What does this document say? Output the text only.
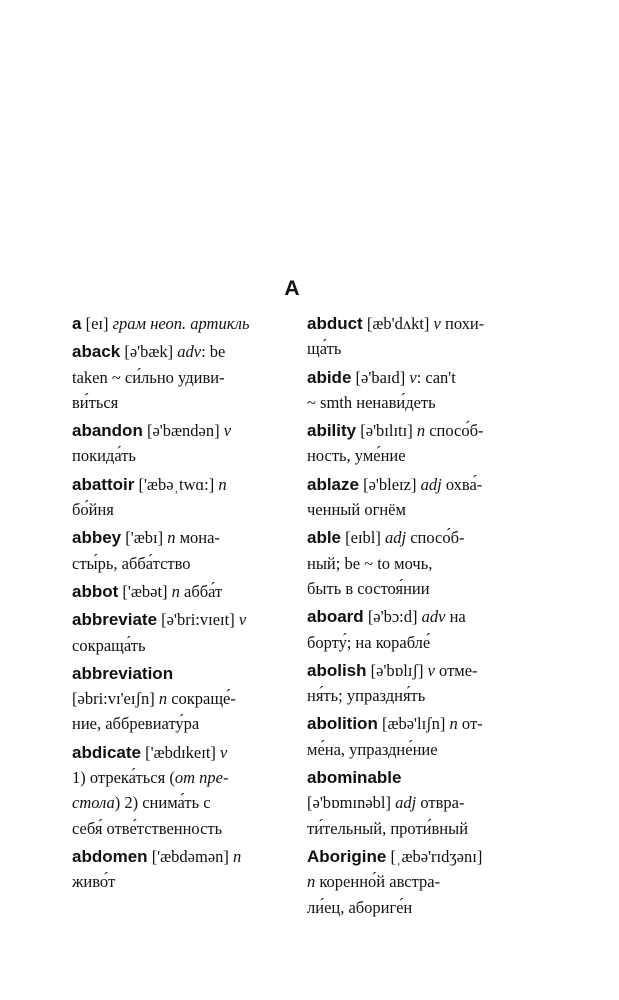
A
a [eɪ] грам неоп. артикль
aback [ə'bæk] adv: be
taken ~ си́льно удиви-
ви́ться
abandon [ə'bændən] v
покида́ть
abattoir ['æbəˌtwɑ:] n
бо́йня
abbey ['æbɪ] n мона-
сты́рь, абба́тство
abbot ['æbət] n абба́т
abbreviate [ə'bri:vɪeɪt] v
сокраща́ть
abbreviation
[əbri:vɪ'eɪʃn] n сокраще́-
ние, аббревиату́ра
abdicate ['æbdɪkeɪt] v
1) отрека́ться (от пре-
стола) 2) снима́ть с
себя́ отве́тственность
abdomen ['æbdəmən] n
живо́т
abduct [æb'dʌkt] v похи-
ща́ть
abide [ə'baɪd] v: can't
~ smth ненави́деть
ability [ə'bɪlɪtɪ] n спосо́б-
ность, уме́ние
ablaze [ə'bleɪz] adj охва́-
ченный огнём
able [eɪbl] adj спосо́б-
ный; be ~ to мочь,
быть в состоя́нии
aboard [ə'bɔ:d] adv на
борту́; на корабле́
abolish [ə'bɒlɪʃ] v отме-
ня́ть; упраздня́ть
abolition [æbə'lɪʃn] n от-
ме́на, упраздне́ние
abominable
[ə'bɒmɪnəbl] adj отвра-
ти́тельный, проти́вный
Aborigine [ˌæbə'rɪdʒənɪ]
n коренно́й австра-
ли́ец, абориге́н
